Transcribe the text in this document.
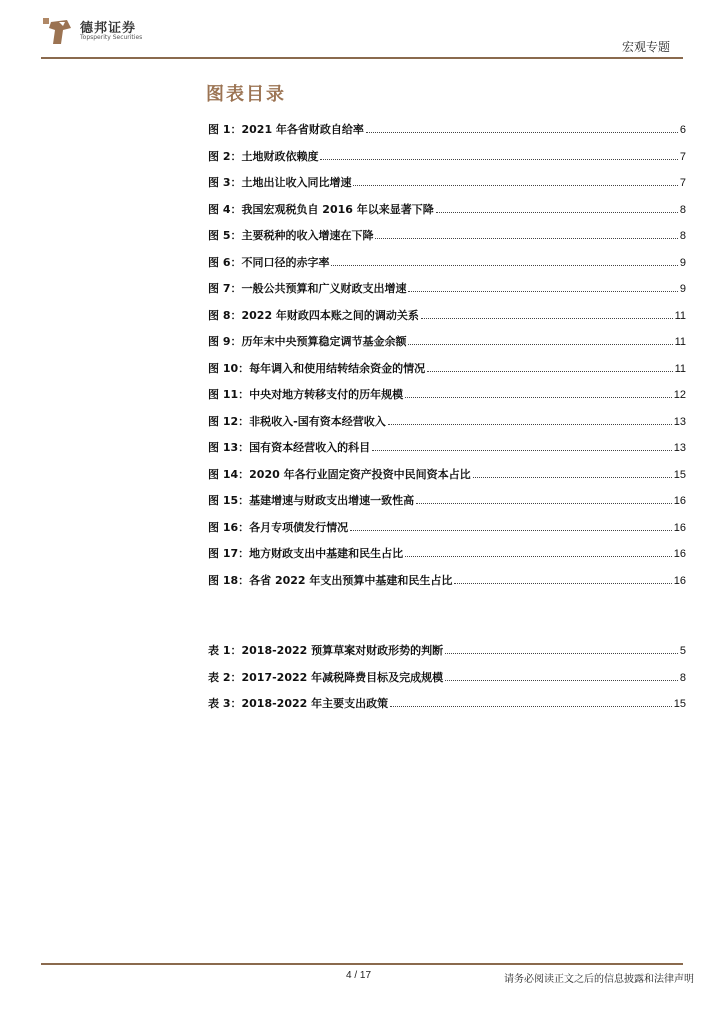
德邦证券
Topsperity Securities
宏观专题
图表目录
图 1：2021 年各省财政自给率	6
图 2：土地财政依赖度	7
图 3：土地出让收入同比增速	7
图 4：我国宏观税负自 2016 年以来显著下降	8
图 5：主要税种的收入增速在下降	8
图 6：不同口径的赤字率	9
图 7：一般公共预算和广义财政支出增速	9
图 8：2022 年财政四本账之间的调动关系	11
图 9：历年末中央预算稳定调节基金余额	11
图 10：每年调入和使用结转结余资金的情况	11
图 11：中央对地方转移支付的历年规模	12
图 12：非税收入-国有资本经营收入	13
图 13：国有资本经营收入的科目	13
图 14：2020 年各行业固定资产投资中民间资本占比	15
图 15：基建增速与财政支出增速一致性高	16
图 16：各月专项债发行情况	16
图 17：地方财政支出中基建和民生占比	16
图 18：各省 2022 年支出预算中基建和民生占比	16
表 1：2018-2022 预算草案对财政形势的判断	5
表 2：2017-2022 年减税降费目标及完成规模	8
表 3：2018-2022 年主要支出政策	15
4 / 17	请务必阅读正文之后的信息披露和法律声明
